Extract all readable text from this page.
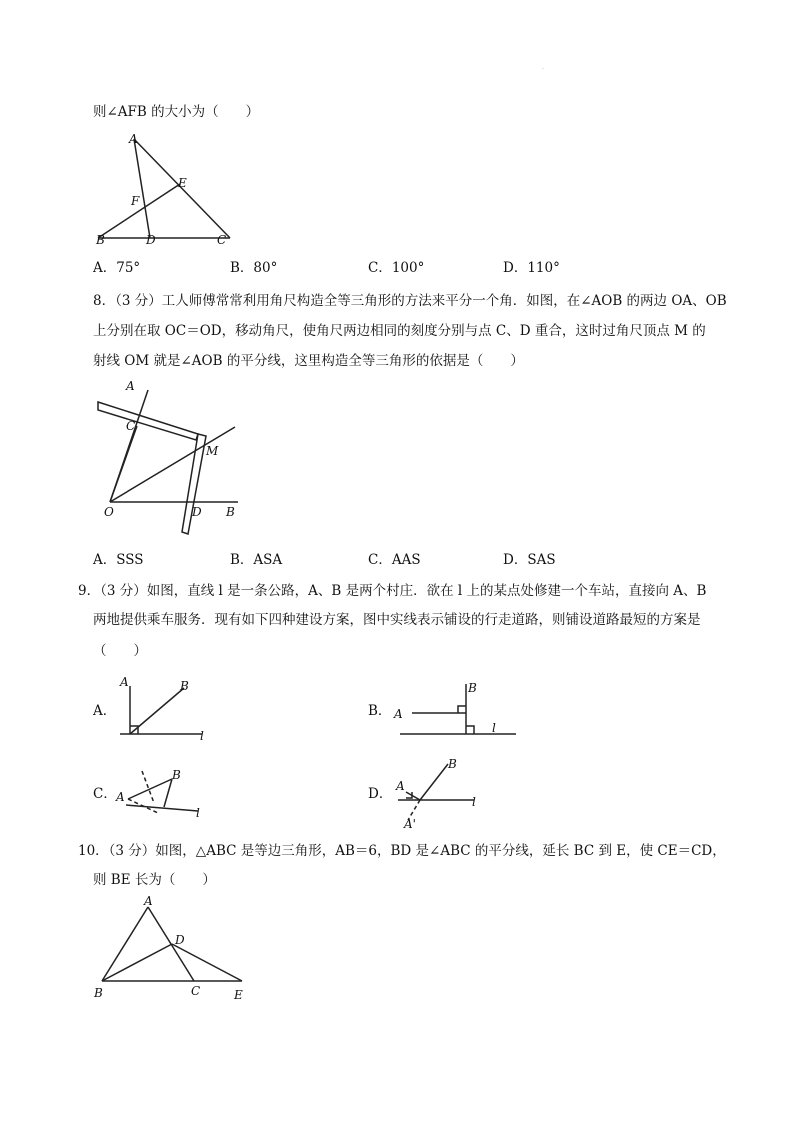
·
则∠AFB 的大小为（　　）
A
B	D	C
E
F
A．75°	B．80°	C．100°	D．110°
8．（3 分）工人师傅常常利用角尺构造全等三角形的方法来平分一个角．如图，在∠AOB 的两边 OA、OB
上分别在取 OC＝OD，移动角尺，使角尺两边相同的刻度分别与点 C、D 重合，这时过角尺顶点 M 的
射线 OM 就是∠AOB 的平分线，这里构造全等三角形的依据是（　　）
A
C
M
O	D B
A．SSS	B．ASA	C．AAS	D．SAS
9．（3 分）如图，直线 l 是一条公路，A、B 是两个村庄．欲在 l 上的某点处修建一个车站，直接向 A、B
两地提供乘车服务．现有如下四种建设方案，图中实线表示铺设的行走道路，则铺设道路最短的方案是
（　　）
A．
A	B
l
B． A
B
l
C． A
B
l
D． A
B
l
A'
10．（3 分）如图，△ABC 是等边三角形，AB＝6，BD 是∠ABC 的平分线，延长 BC 到 E，使 CE＝CD，
则 BE 长为（　　）
A
B	C
D
E
